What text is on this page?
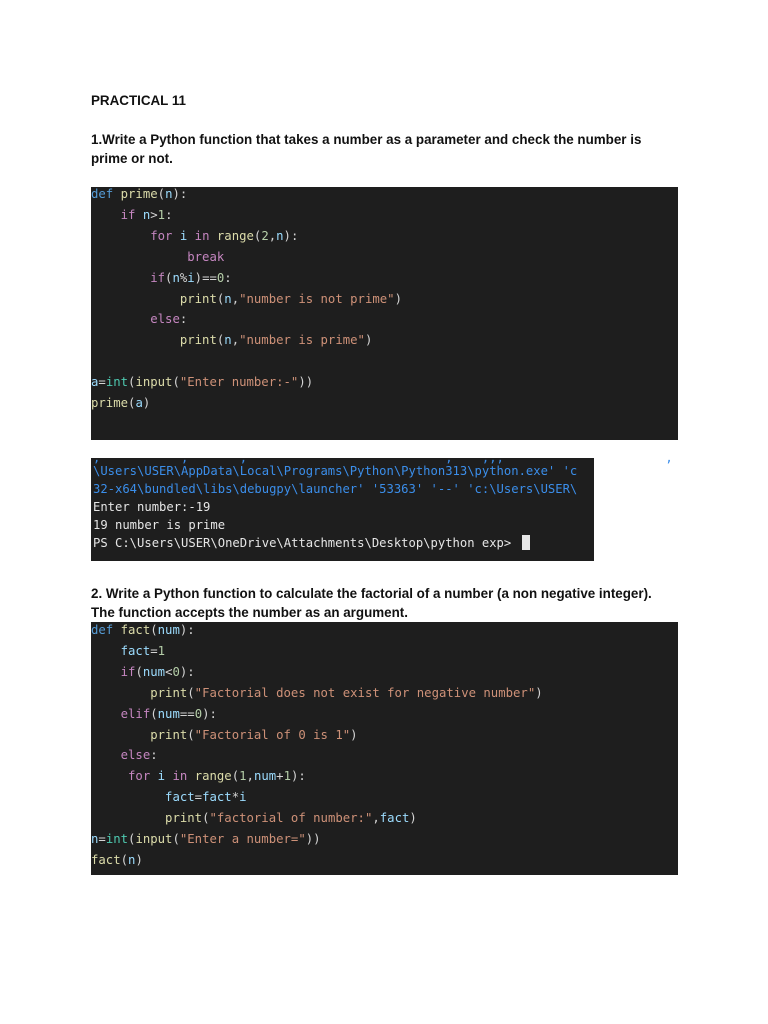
PRACTICAL 11

1.Write a Python function that takes a number as a parameter and check the number is

prime or not.

def prime(n):
if n>1:
for i in range(2,n):
break
if(n%i)==0:
print(n,"number is not prime")
else:
print(n,"number is prime")
a=int(input("Enter number:-"))
prime(a)
,           ,       ,                           ,    ,,,                      ,
\Users\USER\AppData\Local\Programs\Python\Python313\python.exe' 'c
32-x64\bundled\libs\debugpy\launcher' '53363' '--' 'c:\Users\USER\
Enter number:-19
19 number is prime
PS C:\Users\USER\OneDrive\Attachments\Desktop\python exp>

2. Write a Python function to calculate the factorial of a number (a non negative integer).

The function accepts the number as an argument.

def fact(num):
fact=1
if(num<0):
print("Factorial does not exist for negative number")
elif(num==0):
print("Factorial of 0 is 1")
else:
for i in range(1,num+1):
fact=fact*i
print("factorial of number:",fact)
n=int(input("Enter a number="))
fact(n)
